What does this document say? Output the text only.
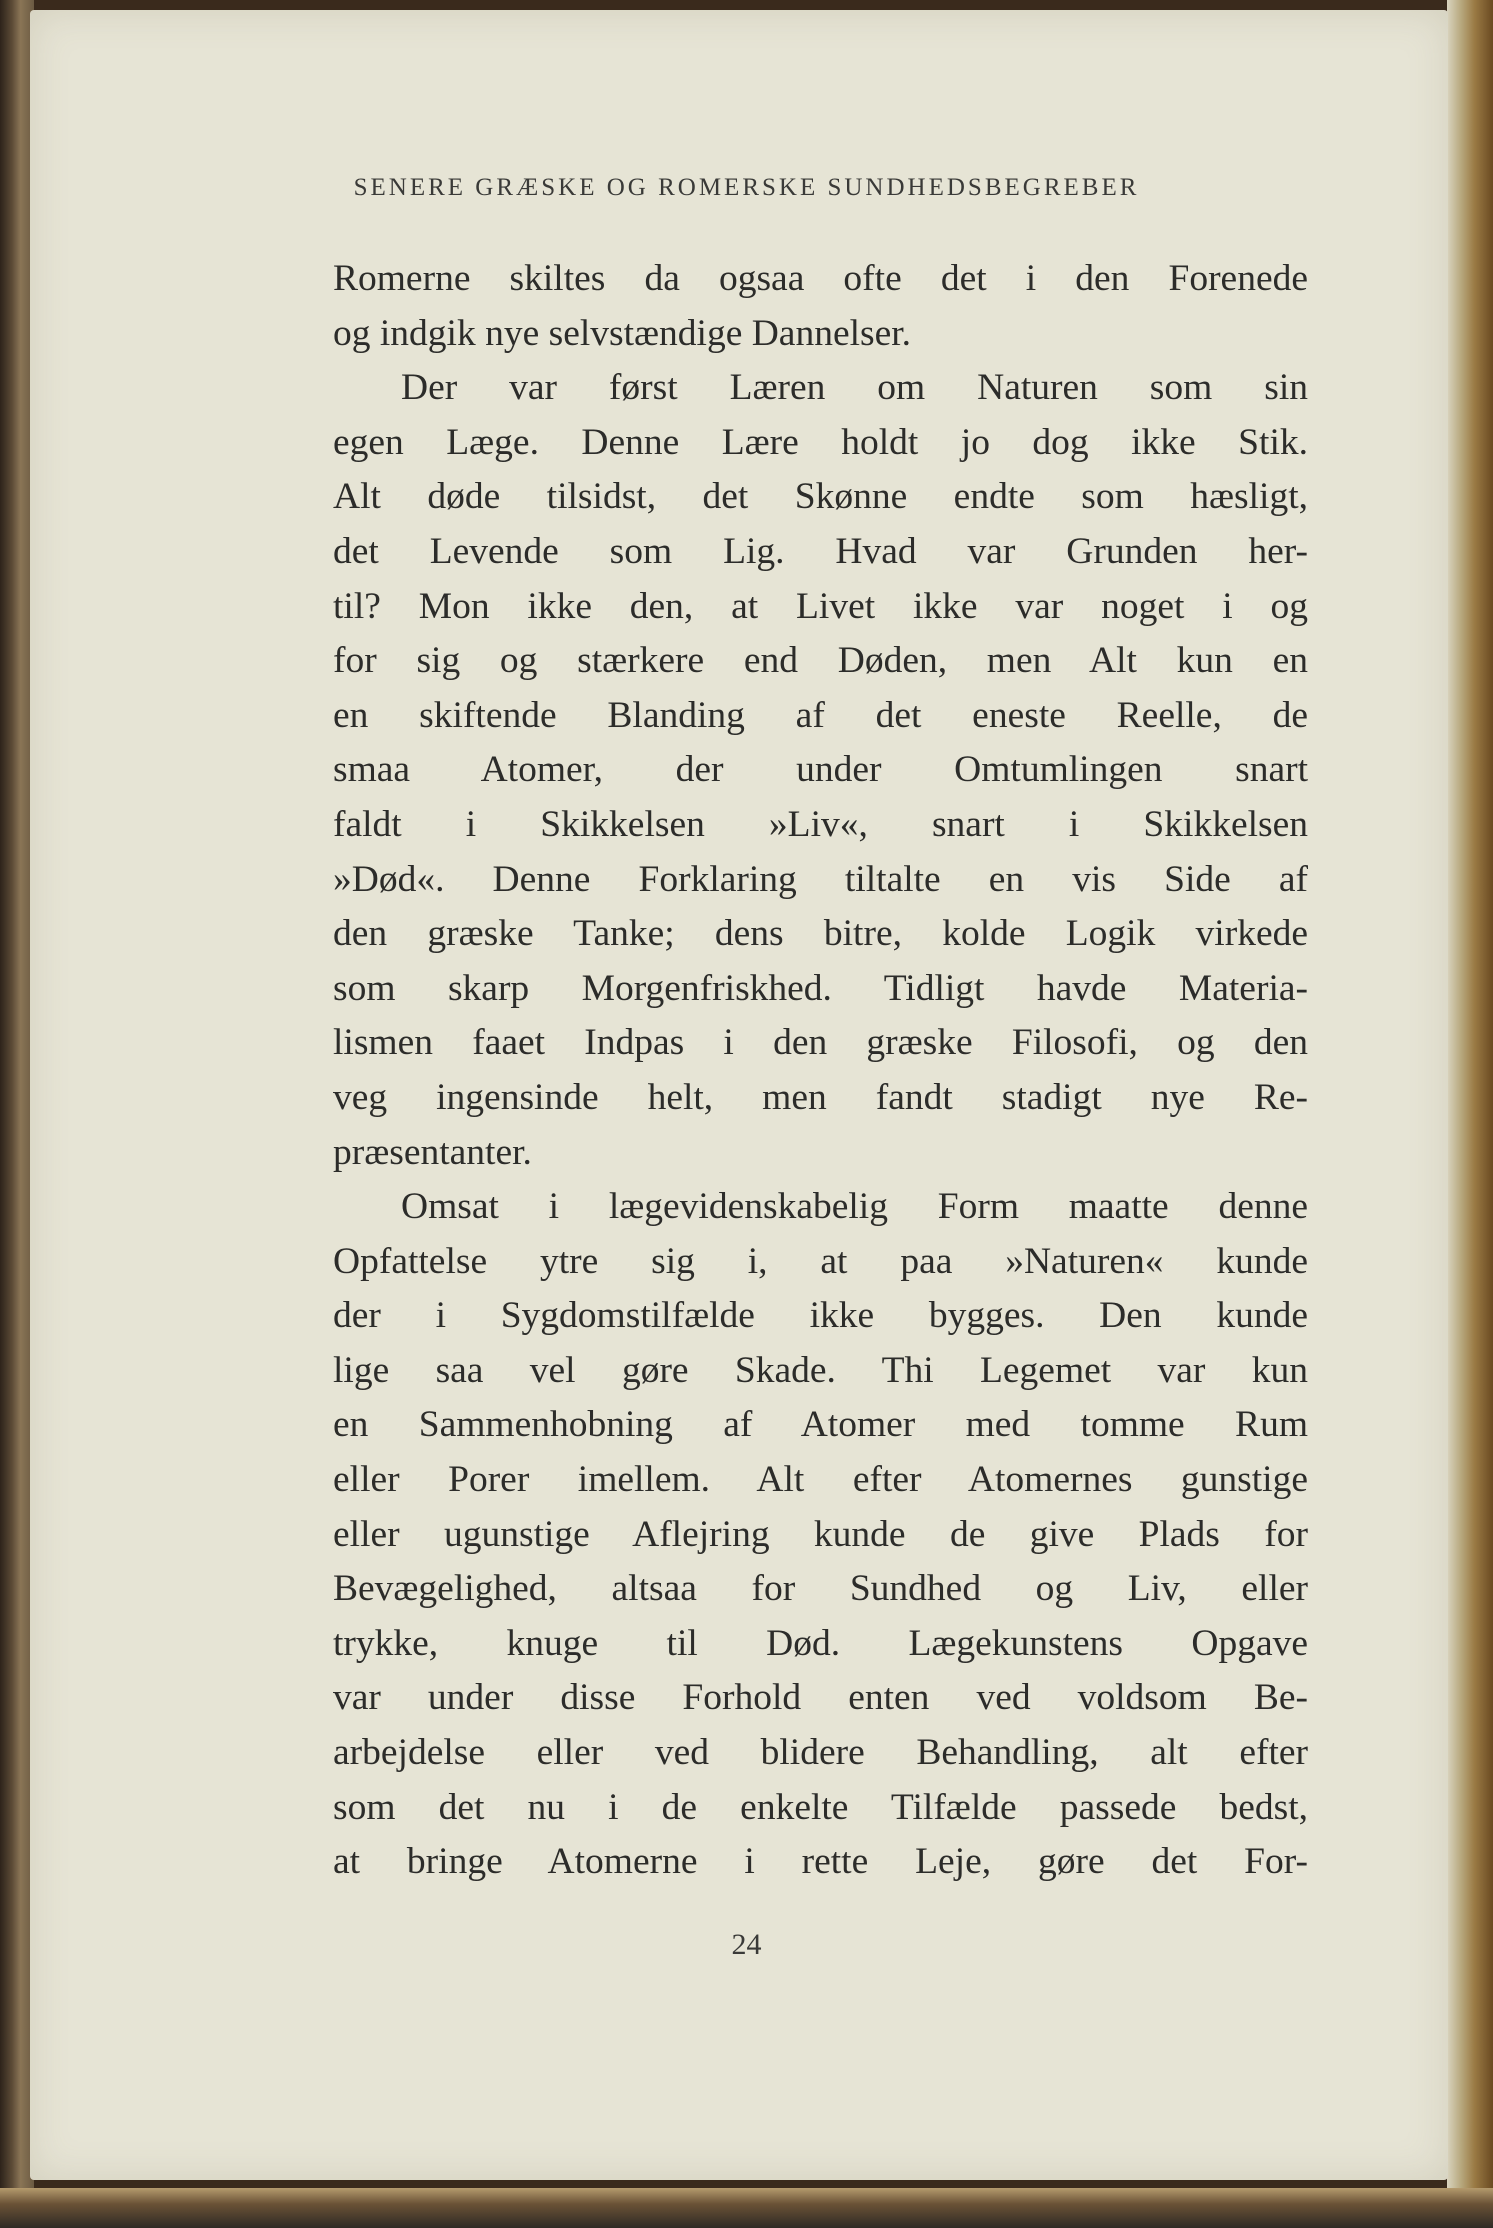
SENERE GRÆSKE OG ROMERSKE SUNDHEDSBEGREBER
Romerne skiltes da ogsaa ofte det i den Forenede
og indgik nye selvstændige Dannelser.
Der var først Læren om Naturen som sin
egen Læge. Denne Lære holdt jo dog ikke Stik.
Alt døde tilsidst, det Skønne endte som hæsligt,
det Levende som Lig. Hvad var Grunden her-
til? Mon ikke den, at Livet ikke var noget i og
for sig og stærkere end Døden, men Alt kun en
en skiftende Blanding af det eneste Reelle, de
smaa Atomer, der under Omtumlingen snart
faldt i Skikkelsen »Liv«, snart i Skikkelsen
»Død«. Denne Forklaring tiltalte en vis Side af
den græske Tanke; dens bitre, kolde Logik virkede
som skarp Morgenfriskhed. Tidligt havde Materia-
lismen faaet Indpas i den græske Filosofi, og den
veg ingensinde helt, men fandt stadigt nye Re-
præsentanter.
Omsat i lægevidenskabelig Form maatte denne
Opfattelse ytre sig i, at paa »Naturen« kunde
der i Sygdomstilfælde ikke bygges. Den kunde
lige saa vel gøre Skade. Thi Legemet var kun
en Sammenhobning af Atomer med tomme Rum
eller Porer imellem. Alt efter Atomernes gunstige
eller ugunstige Aflejring kunde de give Plads for
Bevægelighed, altsaa for Sundhed og Liv, eller
trykke, knuge til Død. Lægekunstens Opgave
var under disse Forhold enten ved voldsom Be-
arbejdelse eller ved blidere Behandling, alt efter
som det nu i de enkelte Tilfælde passede bedst,
at bringe Atomerne i rette Leje, gøre det For-
24
